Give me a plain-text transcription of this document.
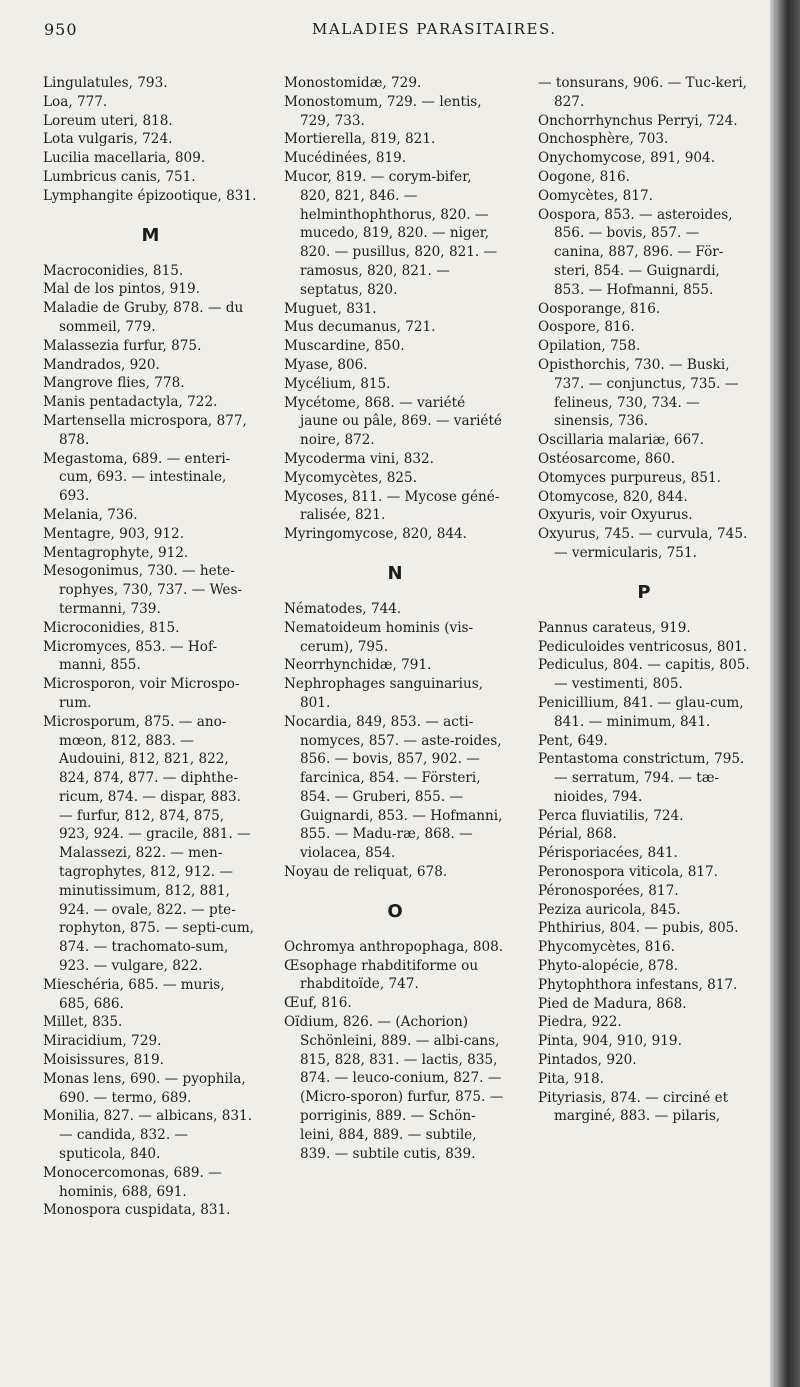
950	MALADIES PARASITAIRES.

Lingulatules, 793.

Loa, 777.

Loreum uteri, 818.

Lota vulgaris, 724.

Lucilia macellaria, 809.

Lumbricus canis, 751.

Lymphangite épizootique, 831.

M

Macroconidies, 815.

Mal de los pintos, 919.

Maladie de Gruby, 878. — du sommeil, 779.

Malassezia furfur, 875.

Mandrados, 920.

Mangrove flies, 778.

Manis pentadactyla, 722.

Martensella microspora, 877, 878.

Megastoma, 689. — enteri-cum, 693. — intestinale, 693.

Melania, 736.

Mentagre, 903, 912.

Mentagrophyte, 912.

Mesogonimus, 730. — hete-rophyes, 730, 737. — Wes-termanni, 739.

Microconidies, 815.

Micromyces, 853. — Hof-manni, 855.

Microsporon, voir Microspo-rum.

Microsporum, 875. — ano-mœon, 812, 883. — Audouini, 812, 821, 822, 824, 874, 877. — diphthe-ricum, 874. — dispar, 883. — furfur, 812, 874, 875, 923, 924. — gracile, 881. — Malassezi, 822. — men-tagrophytes, 812, 912. — minutissimum, 812, 881, 924. — ovale, 822. — pte-rophyton, 875. — septi-cum, 874. — trachomato-sum, 923. — vulgare, 822.

Mieschéria, 685. — muris, 685, 686.

Millet, 835.

Miracidium, 729.

Moisissures, 819.

Monas lens, 690. — pyophila, 690. — termo, 689.

Monilia, 827. — albicans, 831. — candida, 832. — sputicola, 840.

Monocercomonas, 689. — hominis, 688, 691.

Monospora cuspidata, 831.

Monostomidæ, 729.

Monostomum, 729. — lentis, 729, 733.

Mortierella, 819, 821.

Mucédinées, 819.

Mucor, 819. — corym-bifer, 820, 821, 846. — helminthophthorus, 820. — mucedo, 819, 820. — niger, 820. — pusillus, 820, 821. — ramosus, 820, 821. — septatus, 820.

Muguet, 831.

Mus decumanus, 721.

Muscardine, 850.

Myase, 806.

Mycélium, 815.

Mycétome, 868. — variété jaune ou pâle, 869. — variété noire, 872.

Mycoderma vini, 832.

Mycomycètes, 825.

Mycoses, 811. — Mycose géné-ralisée, 821.

Myringomycose, 820, 844.

N

Nématodes, 744.

Nematoideum hominis (vis-cerum), 795.

Neorrhynchidæ, 791.

Nephrophages sanguinarius, 801.

Nocardia, 849, 853. — acti-nomyces, 857. — aste-roides, 856. — bovis, 857, 902. — farcinica, 854. — Försteri, 854. — Gruberi, 855. — Guignardi, 853. — Hofmanni, 855. — Madu-ræ, 868. — violacea, 854.

Noyau de reliquat, 678.

O

Ochromya anthropophaga, 808.

Œsophage rhabditiforme ou rhabditoïde, 747.

Œuf, 816.

Oïdium, 826. — (Achorion) Schönleini, 889. — albi-cans, 815, 828, 831. — lactis, 835, 874. — leuco-conium, 827. — (Micro-sporon) furfur, 875. — porriginis, 889. — Schön-leini, 884, 889. — subtile, 839. — subtile cutis, 839.

— tonsurans, 906. — Tuc-keri, 827.

Onchorrhynchus Perryi, 724.

Onchosphère, 703.

Onychomycose, 891, 904.

Oogone, 816.

Oomycètes, 817.

Oospora, 853. — asteroides, 856. — bovis, 857. — canina, 887, 896. — För-steri, 854. — Guignardi, 853. — Hofmanni, 855.

Oosporange, 816.

Oospore, 816.

Opilation, 758.

Opisthorchis, 730. — Buski, 737. — conjunctus, 735. — felineus, 730, 734. — sinensis, 736.

Oscillaria malariæ, 667.

Ostéosarcome, 860.

Otomyces purpureus, 851.

Otomycose, 820, 844.

Oxyuris, voir Oxyurus.

Oxyurus, 745. — curvula, 745. — vermicularis, 751.

P

Pannus carateus, 919.

Pediculoides ventricosus, 801.

Pediculus, 804. — capitis, 805. — vestimenti, 805.

Penicillium, 841. — glau-cum, 841. — minimum, 841.

Pent, 649.

Pentastoma constrictum, 795. — serratum, 794. — tæ-nioides, 794.

Perca fluviatilis, 724.

Périal, 868.

Périsporiacées, 841.

Peronospora viticola, 817.

Péronosporées, 817.

Peziza auricola, 845.

Phthirius, 804. — pubis, 805.

Phycomycètes, 816.

Phyto-alopécie, 878.

Phytophthora infestans, 817.

Pied de Madura, 868.

Piedra, 922.

Pinta, 904, 910, 919.

Pintados, 920.

Pita, 918.

Pityriasis, 874. — circiné et marginé, 883. — pilaris,
